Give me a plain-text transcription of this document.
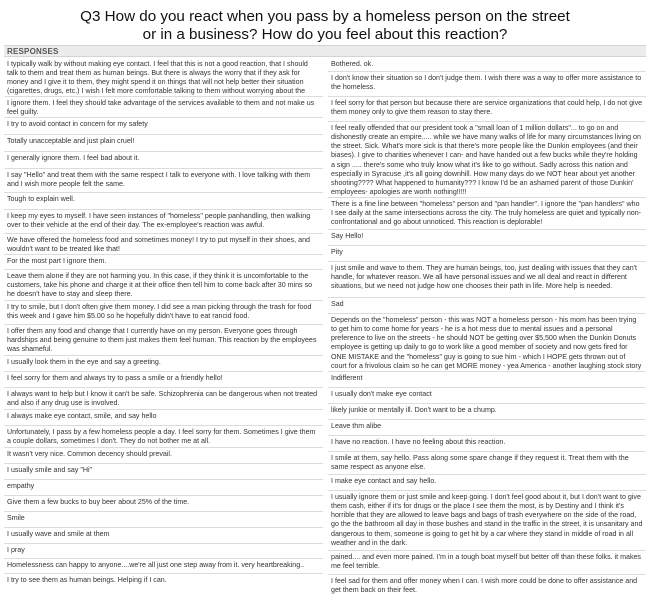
Q3 How do you react when you pass by a homeless person on the street
or in a business? How do you feel about this reaction?
RESPONSES
I typically walk by without making eye contact. I feel that this is not a good reaction, that I should talk to them and treat them as human beings. But there is always the worry that if they ask for money and I give it to them, they might spend it on things that will not help better their situation (cigarettes, drugs, etc.) I wish I felt more comfortable talking to them without worrying about the
I ignore them. I feel they should take advantage of the services available to them and not make us feel guilty.
I try to avoid contact in concern for my safety
Totally unacceptable and just plain cruel!
I generally ignore them. I feel bad about it.
I say "Hello" and treat them with the same respect I talk to everyone with. I love talking with them and I wish more people felt the same.
Tough to explain well.
I keep my eyes to myself. I have seen instances of "homeless" people panhandling, then walking over to their vehicle at the end of their day. The ex-employee's reaction was awful.
We have offered the homeless food and sometimes money! I try to put myself in their shoes, and wouldn't want to be treated like that!
For the most part I ignore them.
Leave them alone if they are not harming you. In this case, if they think it is uncomfortable to the customers, take his phone and charge it at their office then tell him to come back after 30 mins so he doesn't have to stay and sleep there.
I try to smile, but I don't often give them money. I did see a man picking through the trash for food this week and I gave him $5.00 so he hopefully didn't have to eat rancid food.
I offer them any food and change that I currently have on my person. Everyone goes through hardships and being genuine to them just makes them feel human. This reaction by the employees was shameful.
I usually look them in the eye and say a greeting.
I feel sorry for them and always try to pass a smile or a friendly hello!
I always want to help but I know it can't be safe. Schizophrenia can be dangerous when not treated and also if any drug use is involved.
I always make eye contact, smile, and say hello
Unfortunately, I pass by a few homeless people a day. I feel sorry for them. Sometimes I give them a couple dollars, sometimes I don't. They do not bother me at all.
It wasn't very nice. Common decency should prevail.
I usually smile and say "Hi"
empathy
Give them a few bucks to buy beer about 25% of the time.
Smile
I usually wave and smile at them
I pray
Homelessness can happy to anyone....we're all just one step away from it. very heartbreaking..
I try to see them as human beings. Helping if I can.
Bothered. ok.
I don't know their situation so I don't judge them. I wish there was a way to offer more assistance to the homeless.
I feel sorry for that person but because there are service organizations that could help, I do not give them money only to give them reason to stay there.
I feel really offended that our president took a "small loan of 1 million dollars"... to go on and dishonestly create an empire..... while we have many walks of life for many circumstances living on the street. Sick. What's more sick is that there's more people like the Dunkin employees (and their biases). I give to charities whenever I can- and have handed out a few bucks while they're holding a sign ..... there's some who truly know what it's like to go without. Sadly across this nation and especially in Syracuse ,it's all going downhill. How many days do we NOT hear about yet another shooting???? What happened to humanity??? I know I'd be an ashamed parent of those Dunkin' employees- apologies are worth nothing!!!!!
There is a fine line between "homeless" person and "pan handler". I ignore the "pan handlers" who I see daily at the same intersections across the city. The truly homeless are quiet and typically non-confrontational and go about unnoticed. This reaction is deplorable!
Say Hello!
Pity
I just smile and wave to them. They are human beings, too, just dealing with issues that they can't handle, for whatever reason. We all have personal issues and we all deal and react in different situations, but we need not judge how one chooses their path in life. More help is needed.
Sad
Depends on the "homeless" person - this was NOT a homeless person - his mom has been trying to get him to come home for years - he is a hot mess due to mental issues and a personal preference to live on the streets - he should NOT be getting over $5,500 when the Dunkin Donuts employee is getting up daily to go to work like a good member of society and now gets fired for ONE MISTAKE and the "homeless" guy is going to sue him - which I HOPE gets thrown out of court for a frivolous claim so he can get MORE money - yea America - another laughing stock story
Indifferent
I usually don't make eye contact
likely junkie or mentally ill. Don't want to be a chump.
Leave thm alibe
I have no reaction. I have no feeling about this reaction.
I smile at them, say hello. Pass along some spare change if they request it. Treat them with the same respect as anyone else.
I make eye contact and say hello.
I usually ignore them or just smile and keep going. I don't feel good about it, but I don't want to give them cash, either if it's for drugs or the place I see them the most, is by Destiny and I think it's horrible that they are allowed to leave bags and bags of trash everywhere on the side of the road, go the the bathroom all day in those bushes and stand in the traffic in the street, it is unsanitary and dangerous to them, someone is going to get hit by a car where they stand in middle of road in all weather and in the dark.
pained.... and even more pained. I'm in a tough boat myself but better off than these folks. it makes me feel terrible.
I feel sad for them and offer money when I can. I wish more could be done to offer assistance and get them back on their feet.
